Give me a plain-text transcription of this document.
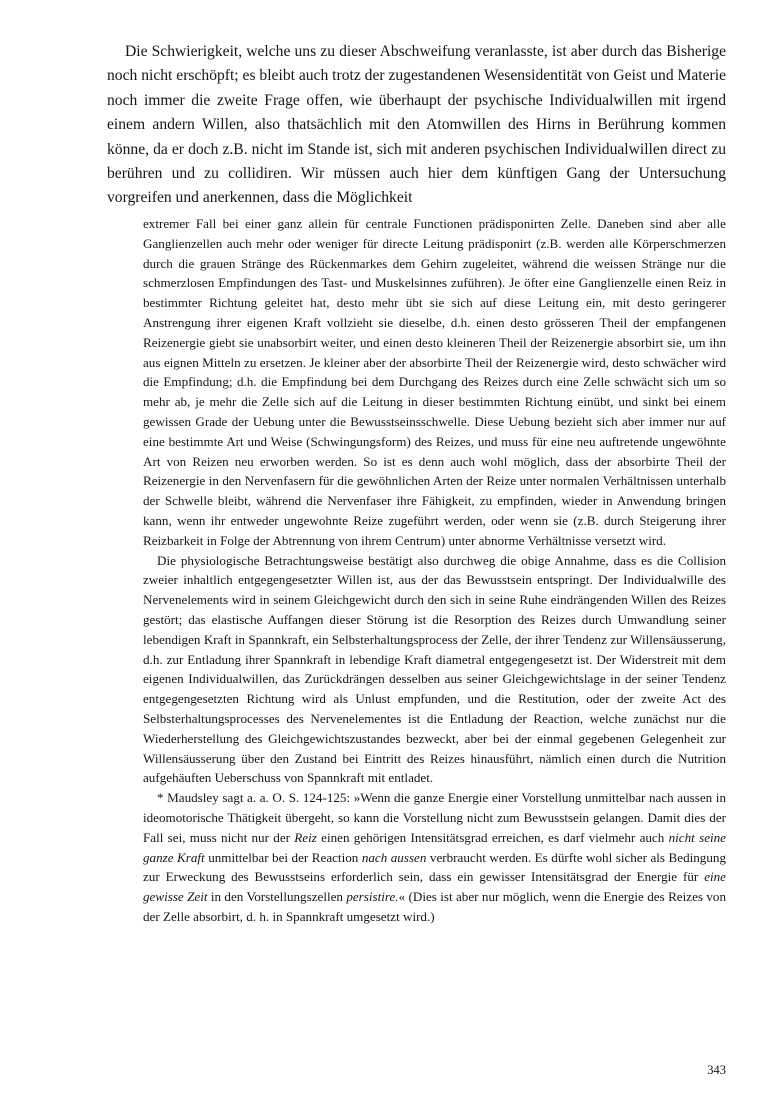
Die Schwierigkeit, welche uns zu dieser Abschweifung veranlasste, ist aber durch das Bisherige noch nicht erschöpft; es bleibt auch trotz der zugestandenen Wesensidentität von Geist und Materie noch immer die zweite Frage offen, wie überhaupt der psychische Individualwillen mit irgend einem andern Willen, also thatsächlich mit den Atomwillen des Hirns in Berührung kommen könne, da er doch z.B. nicht im Stande ist, sich mit anderen psychischen Individualwillen direct zu berühren und zu collidiren. Wir müssen auch hier dem künftigen Gang der Untersuchung vorgreifen und anerkennen, dass die Möglichkeit

extremer Fall bei einer ganz allein für centrale Functionen prädisponirten Zelle. Daneben sind aber alle Ganglienzellen auch mehr oder weniger für directe Leitung prädisponirt (z.B. werden alle Körperschmerzen durch die grauen Stränge des Rückenmarkes dem Gehirn zugeleitet, während die weissen Stränge nur die schmerzlosen Empfindungen des Tast- und Muskelsinnes zuführen). Je öfter eine Ganglienzelle einen Reiz in bestimmter Richtung geleitet hat, desto mehr übt sie sich auf diese Leitung ein, mit desto geringerer Anstrengung ihrer eigenen Kraft vollzieht sie dieselbe, d.h. einen desto grösseren Theil der empfangenen Reizenergie giebt sie unabsorbirt weiter, und einen desto kleineren Theil der Reizenergie absorbirt sie, um ihn aus eignen Mitteln zu ersetzen. Je kleiner aber der absorbirte Theil der Reizenergie wird, desto schwächer wird die Empfindung; d.h. die Empfindung bei dem Durchgang des Reizes durch eine Zelle schwächt sich um so mehr ab, je mehr die Zelle sich auf die Leitung in dieser bestimmten Richtung einübt, und sinkt bei einem gewissen Grade der Uebung unter die Bewusstseinsschwelle. Diese Uebung bezieht sich aber immer nur auf eine bestimmte Art und Weise (Schwingungsform) des Reizes, und muss für eine neu auftretende ungewöhnte Art von Reizen neu erworben werden. So ist es denn auch wohl möglich, dass der absorbirte Theil der Reizenergie in den Nervenfasern für die gewöhnlichen Arten der Reize unter normalen Verhältnissen unterhalb der Schwelle bleibt, während die Nervenfaser ihre Fähigkeit, zu empfinden, wieder in Anwendung bringen kann, wenn ihr entweder ungewohnte Reize zugeführt werden, oder wenn sie (z.B. durch Steigerung ihrer Reizbarkeit in Folge der Abtrennung von ihrem Centrum) unter abnorme Verhältnisse versetzt wird.

Die physiologische Betrachtungsweise bestätigt also durchweg die obige Annahme, dass es die Collision zweier inhaltlich entgegengesetzter Willen ist, aus der das Bewusstsein entspringt. Der Individualwille des Nervenelements wird in seinem Gleichgewicht durch den sich in seine Ruhe eindrängenden Willen des Reizes gestört; das elastische Auffangen dieser Störung ist die Resorption des Reizes durch Umwandlung seiner lebendigen Kraft in Spannkraft, ein Selbsterhaltungsprocess der Zelle, der ihrer Tendenz zur Willensäusserung, d.h. zur Entladung ihrer Spannkraft in lebendige Kraft diametral entgegengesetzt ist. Der Widerstreit mit dem eigenen Individualwillen, das Zurückdrängen desselben aus seiner Gleichgewichtslage in der seiner Tendenz entgegengesetzten Richtung wird als Unlust empfunden, und die Restitution, oder der zweite Act des Selbsterhaltungsprocesses des Nervenelementes ist die Entladung der Reaction, welche zunächst nur die Wiederherstellung des Gleichgewichtszustandes bezweckt, aber bei der einmal gegebenen Gelegenheit zur Willensäusserung über den Zustand bei Eintritt des Reizes hinausführt, nämlich einen durch die Nutrition aufgehäuften Ueberschuss von Spannkraft mit entladet.

* Maudsley sagt a. a. O. S. 124-125: »Wenn die ganze Energie einer Vorstellung unmittelbar nach aussen in ideomotorische Thätigkeit übergeht, so kann die Vorstellung nicht zum Bewusstsein gelangen. Damit dies der Fall sei, muss nicht nur der Reiz einen gehörigen Intensitätsgrad erreichen, es darf vielmehr auch nicht seine ganze Kraft unmittelbar bei der Reaction nach aussen verbraucht werden. Es dürfte wohl sicher als Bedingung zur Erweckung des Bewusstseins erforderlich sein, dass ein gewisser Intensitätsgrad der Energie für eine gewisse Zeit in den Vorstellungszellen persistire.« (Dies ist aber nur möglich, wenn die Energie des Reizes von der Zelle absorbirt, d. h. in Spannkraft umgesetzt wird.)

343
